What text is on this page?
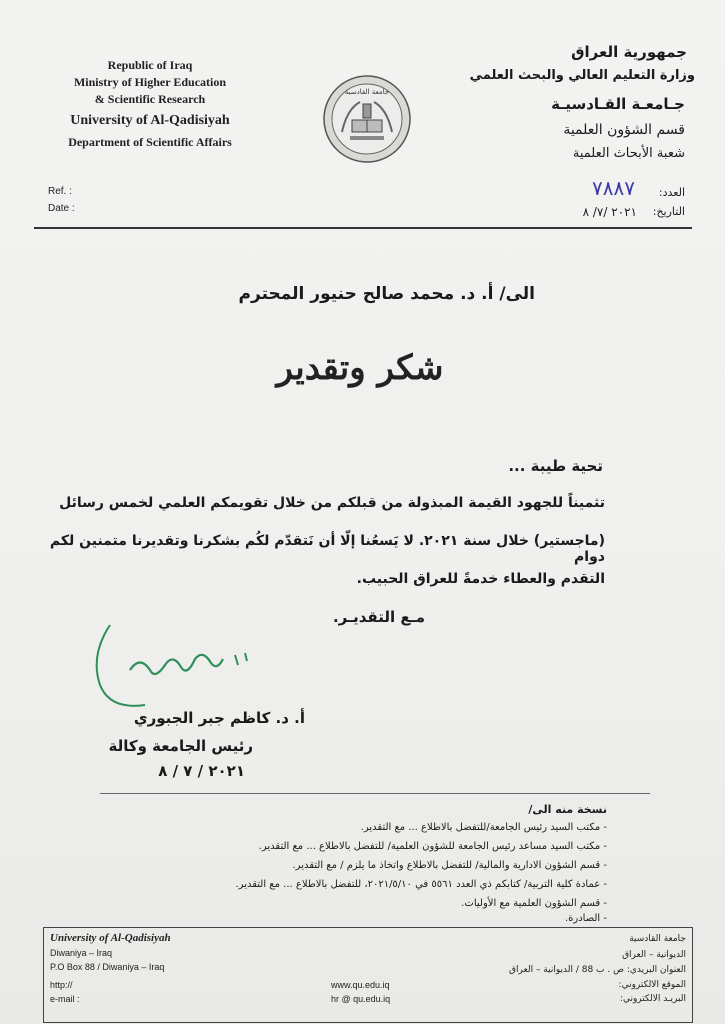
Republic of Iraq
Ministry of Higher Education
& Scientific Research
University of Al-Qadisiyah
Department of Scientific Affairs
جامعة القادسية
جمهورية العراق
وزارة التعليم العالي والبحث العلمي
جـامعـة القـادسيـة
قسم الشؤون العلمية
شعبة الأبحاث العلمية
Ref. :
Date :
العدد:
٧٨٨٧
التاريخ:
٢٠٢١ /٧/ ٨
الى/ أ. د. محمد صالح حنيور المحترم
شكر وتقدير
تحية طيبة ...
تثميناً للجهود القيمة المبذولة من قبلكم من خلال تقويمكم العلمي لخمس رسائل
(ماجستير) خلال سنة ٢٠٢١. لا يَسعُنا إلّا أن نَتقدّم لكُم بشكرنا وتقديرنا متمنين لكم دوام
التقدم والعطاء خدمةً للعراق الحبيب.
مـع التقديـر.
أ. د. كاظم جبر الجبوري
رئيس الجامعة وكالة
٢٠٢١ / ٧ / ٨
نسخة منه الى/
- مكتب السيد رئيس الجامعة/للتفضل بالاطلاع ... مع التقدير.
- مكتب السيد مساعد رئيس الجامعة للشؤون العلمية/ للتفضل بالاطلاع ... مع التقدير.
- قسم الشؤون الادارية والمالية/ للتفضل بالاطلاع واتخاذ ما يلزم / مع التقدير.
- عمادة كلية التربية/ كتابكم ذي العدد ٥٥٦١ في ٢٠٢١/٥/١٠، للتفضل بالاطلاع ... مع التقدير.
- قسم الشؤون العلمية مع الأوليات.
- الصادرة.
University of Al-Qadisiyah
Diwaniya – Iraq
P.O Box 88 / Diwaniya – Iraq
http://
e-mail :
www.qu.edu.iq
hr @ qu.edu.iq
جامعة القادسية
الديوانية – العراق
العنوان البريدي: ص . ب 88 / الديوانية – العراق
الموقع الالكتروني:
البريـد الالكتروني:
